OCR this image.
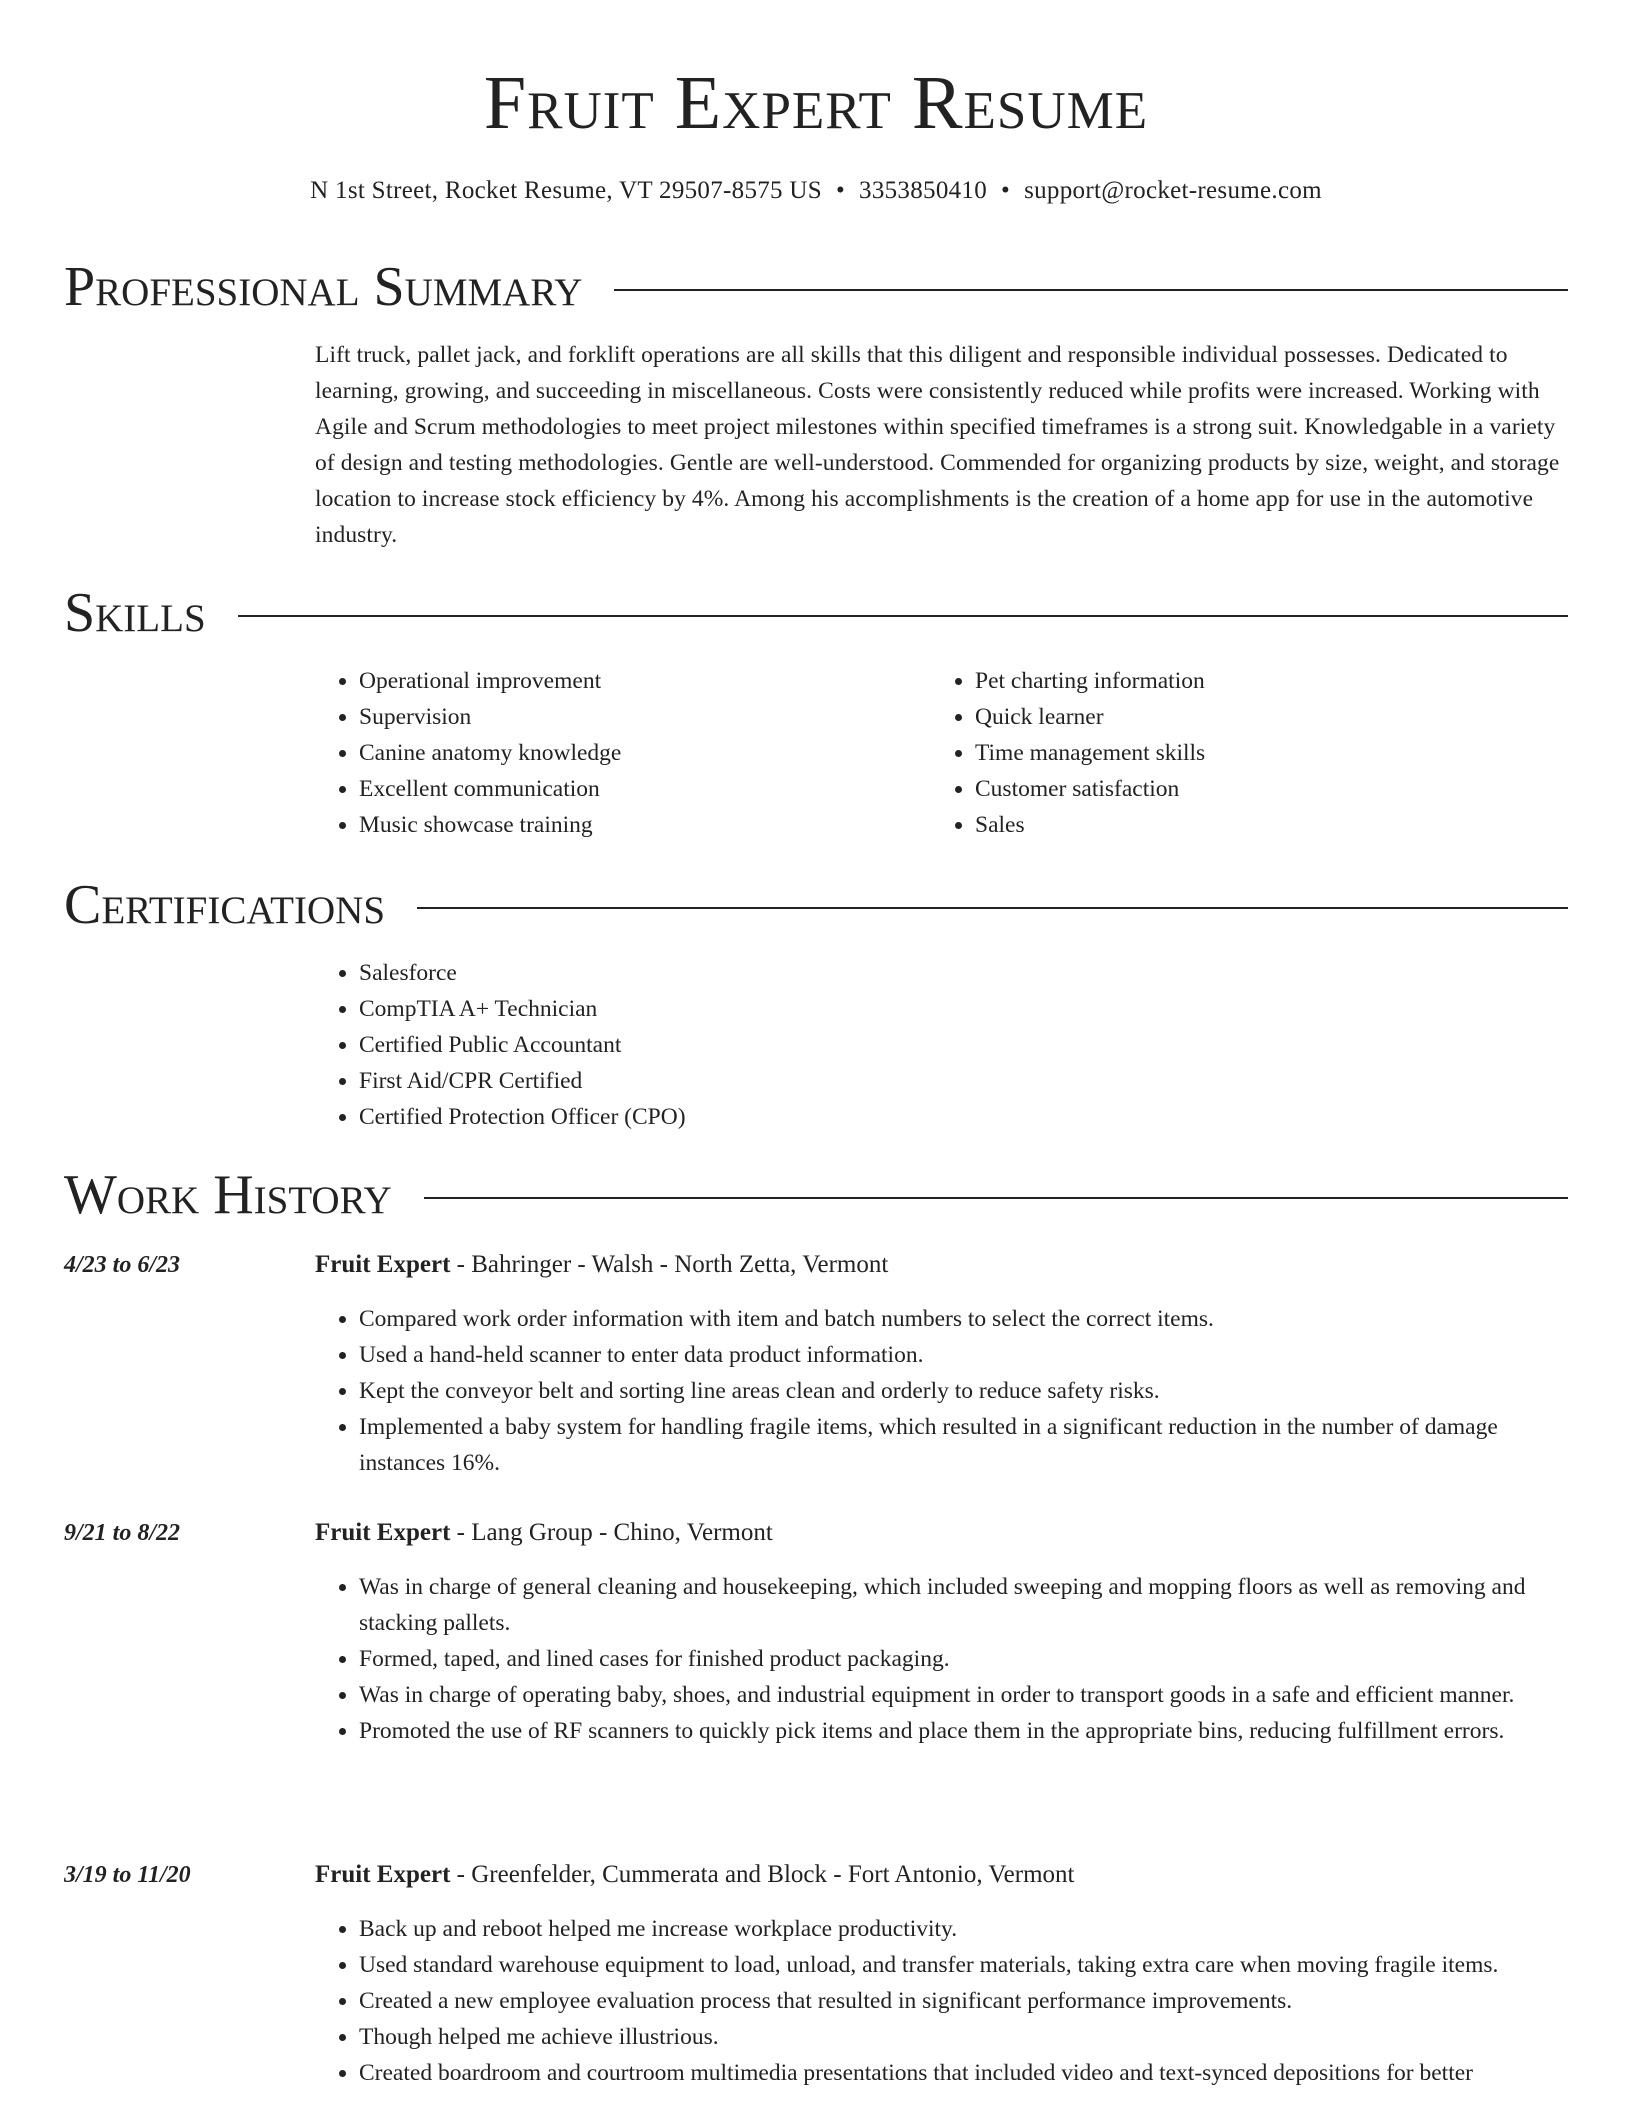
Fruit Expert Resume
N 1st Street, Rocket Resume, VT 29507-8575 US • 3353850410 • support@rocket-resume.com
Professional Summary
Lift truck, pallet jack, and forklift operations are all skills that this diligent and responsible individual possesses. Dedicated to learning, growing, and succeeding in miscellaneous. Costs were consistently reduced while profits were increased. Working with Agile and Scrum methodologies to meet project milestones within specified timeframes is a strong suit. Knowledgable in a variety of design and testing methodologies. Gentle are well-understood. Commended for organizing products by size, weight, and storage location to increase stock efficiency by 4%. Among his accomplishments is the creation of a home app for use in the automotive industry.
Skills
• Operational improvement
• Supervision
• Canine anatomy knowledge
• Excellent communication
• Music showcase training
• Pet charting information
• Quick learner
• Time management skills
• Customer satisfaction
• Sales
Certifications
• Salesforce
• CompTIA A+ Technician
• Certified Public Accountant
• First Aid/CPR Certified
• Certified Protection Officer (CPO)
Work History
4/23 to 6/23	Fruit Expert - Bahringer - Walsh - North Zetta, Vermont
• Compared work order information with item and batch numbers to select the correct items.
• Used a hand-held scanner to enter data product information.
• Kept the conveyor belt and sorting line areas clean and orderly to reduce safety risks.
• Implemented a baby system for handling fragile items, which resulted in a significant reduction in the number of damage instances 16%.
9/21 to 8/22	Fruit Expert - Lang Group - Chino, Vermont
• Was in charge of general cleaning and housekeeping, which included sweeping and mopping floors as well as removing and stacking pallets.
• Formed, taped, and lined cases for finished product packaging.
• Was in charge of operating baby, shoes, and industrial equipment in order to transport goods in a safe and efficient manner.
• Promoted the use of RF scanners to quickly pick items and place them in the appropriate bins, reducing fulfillment errors.
3/19 to 11/20	Fruit Expert - Greenfelder, Cummerata and Block - Fort Antonio, Vermont
• Back up and reboot helped me increase workplace productivity.
• Used standard warehouse equipment to load, unload, and transfer materials, taking extra care when moving fragile items.
• Created a new employee evaluation process that resulted in significant performance improvements.
• Though helped me achieve illustrious.
• Created boardroom and courtroom multimedia presentations that included video and text-synced depositions for better
